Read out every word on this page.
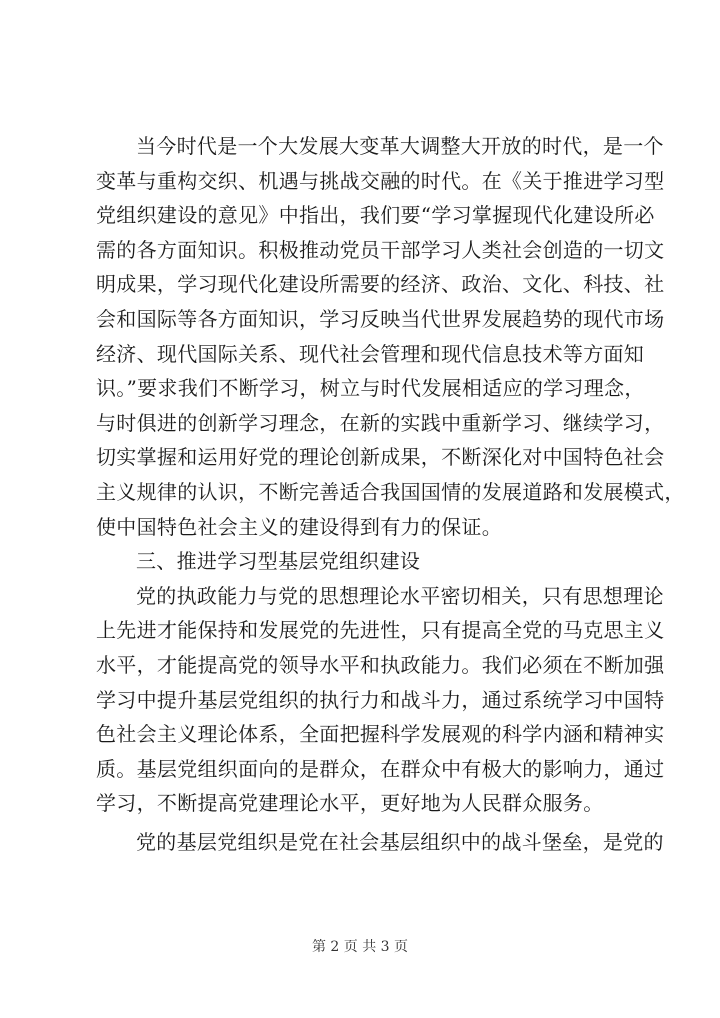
当今时代是一个大发展大变革大调整大开放的时代，是一个
变革与重构交织、机遇与挑战交融的时代。在《关于推进学习型
党组织建设的意见》中指出，我们要“学习掌握现代化建设所必
需的各方面知识。积极推动党员干部学习人类社会创造的一切文
明成果，学习现代化建设所需要的经济、政治、文化、科技、社
会和国际等各方面知识，学习反映当代世界发展趋势的现代市场
经济、现代国际关系、现代社会管理和现代信息技术等方面知
识。”要求我们不断学习，树立与时代发展相适应的学习理念，
与时俱进的创新学习理念，在新的实践中重新学习、继续学习，
切实掌握和运用好党的理论创新成果，不断深化对中国特色社会
主义规律的认识，不断完善适合我国国情的发展道路和发展模式，
使中国特色社会主义的建设得到有力的保证。
三、推进学习型基层党组织建设
党的执政能力与党的思想理论水平密切相关，只有思想理论
上先进才能保持和发展党的先进性，只有提高全党的马克思主义
水平，才能提高党的领导水平和执政能力。我们必须在不断加强
学习中提升基层党组织的执行力和战斗力，通过系统学习中国特
色社会主义理论体系，全面把握科学发展观的科学内涵和精神实
质。基层党组织面向的是群众，在群众中有极大的影响力，通过
学习，不断提高党建理论水平，更好地为人民群众服务。
党的基层党组织是党在社会基层组织中的战斗堡垒，是党的
第 2 页 共 3 页
